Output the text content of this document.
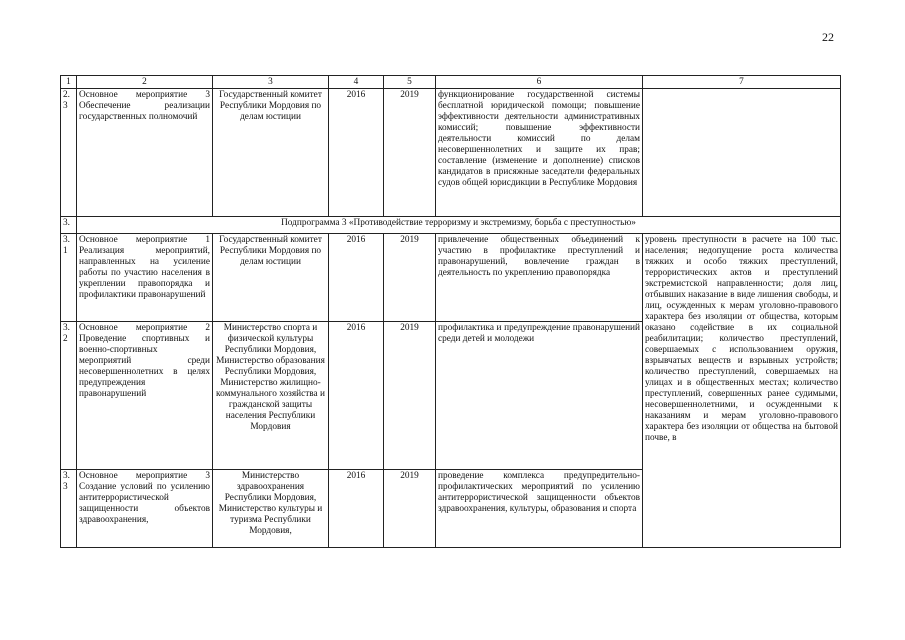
22
1	2	3	4	5	6	7
2.3	Основное мероприятие 3 Обеспечение реализации государственных полномочий	Государственный комитет Республики Мордовия по делам юстиции	2016	2019	функционирование государственной системы бесплатной юридической помощи; повышение эффективности деятельности административных комиссий; повышение эффективности деятельности комиссий по делам несовершеннолетних и защите их прав; составление (изменение и дополнение) списков кандидатов в присяжные заседатели федеральных судов общей юрисдикции в Республике Мордовия	
3.	Подпрограмма 3 «Противодействие терроризму и экстремизму, борьба с преступностью»					
3.1	Основное мероприятие 1 Реализация мероприятий, направленных на усиление работы по участию населения в укреплении правопорядка и профилактики правонарушений	Государственный комитет Республики Мордовия по делам юстиции	2016	2019	привлечение общественных объединений к участию в профилактике преступлений и правонарушений, вовлечение граждан в деятельность по укреплению правопорядка	уровень преступности в расчете на 100 тыс. населения; недопущение роста количества тяжких и особо тяжких преступлений, террористических актов и преступлений экстремистской направленности; доля лиц, отбывших наказание в виде лишения свободы, и лиц, осужденных к мерам уголовно-правового характера без изоляции от общества, которым оказано содействие в их социальной реабилитации; количество преступлений, совершаемых с использованием оружия, взрывчатых веществ и взрывных устройств; количество преступлений, совершаемых на улицах и в общественных местах; количество преступлений, совершенных ранее судимыми, несовершеннолетними, и осужденными к наказаниям и мерам уголовно-правового характера без изоляции от общества на бытовой почве, в
3.2	Основное мероприятие 2 Проведение спортивных и военно-спортивных мероприятий среди несовершеннолетних в целях предупреждения правонарушений	Министерство спорта и физической культуры Республики Мордовия, Министерство образования Республики Мордовия, Министерство жилищно-коммунального хозяйства и гражданской защиты населения Республики Мордовия	2016	2019	профилактика и предупреждение правонарушений среди детей и молодежи	
3.3	Основное мероприятие 3 Создание условий по усилению антитеррористической защищенности объектов здравоохранения,	Министерство здравоохранения Республики Мордовия, Министерство культуры и туризма Республики Мордовия,	2016	2019	проведение комплекса предупредительно-профилактических мероприятий по усилению антитеррористической защищенности объектов здравоохранения, культуры, образования и спорта	
